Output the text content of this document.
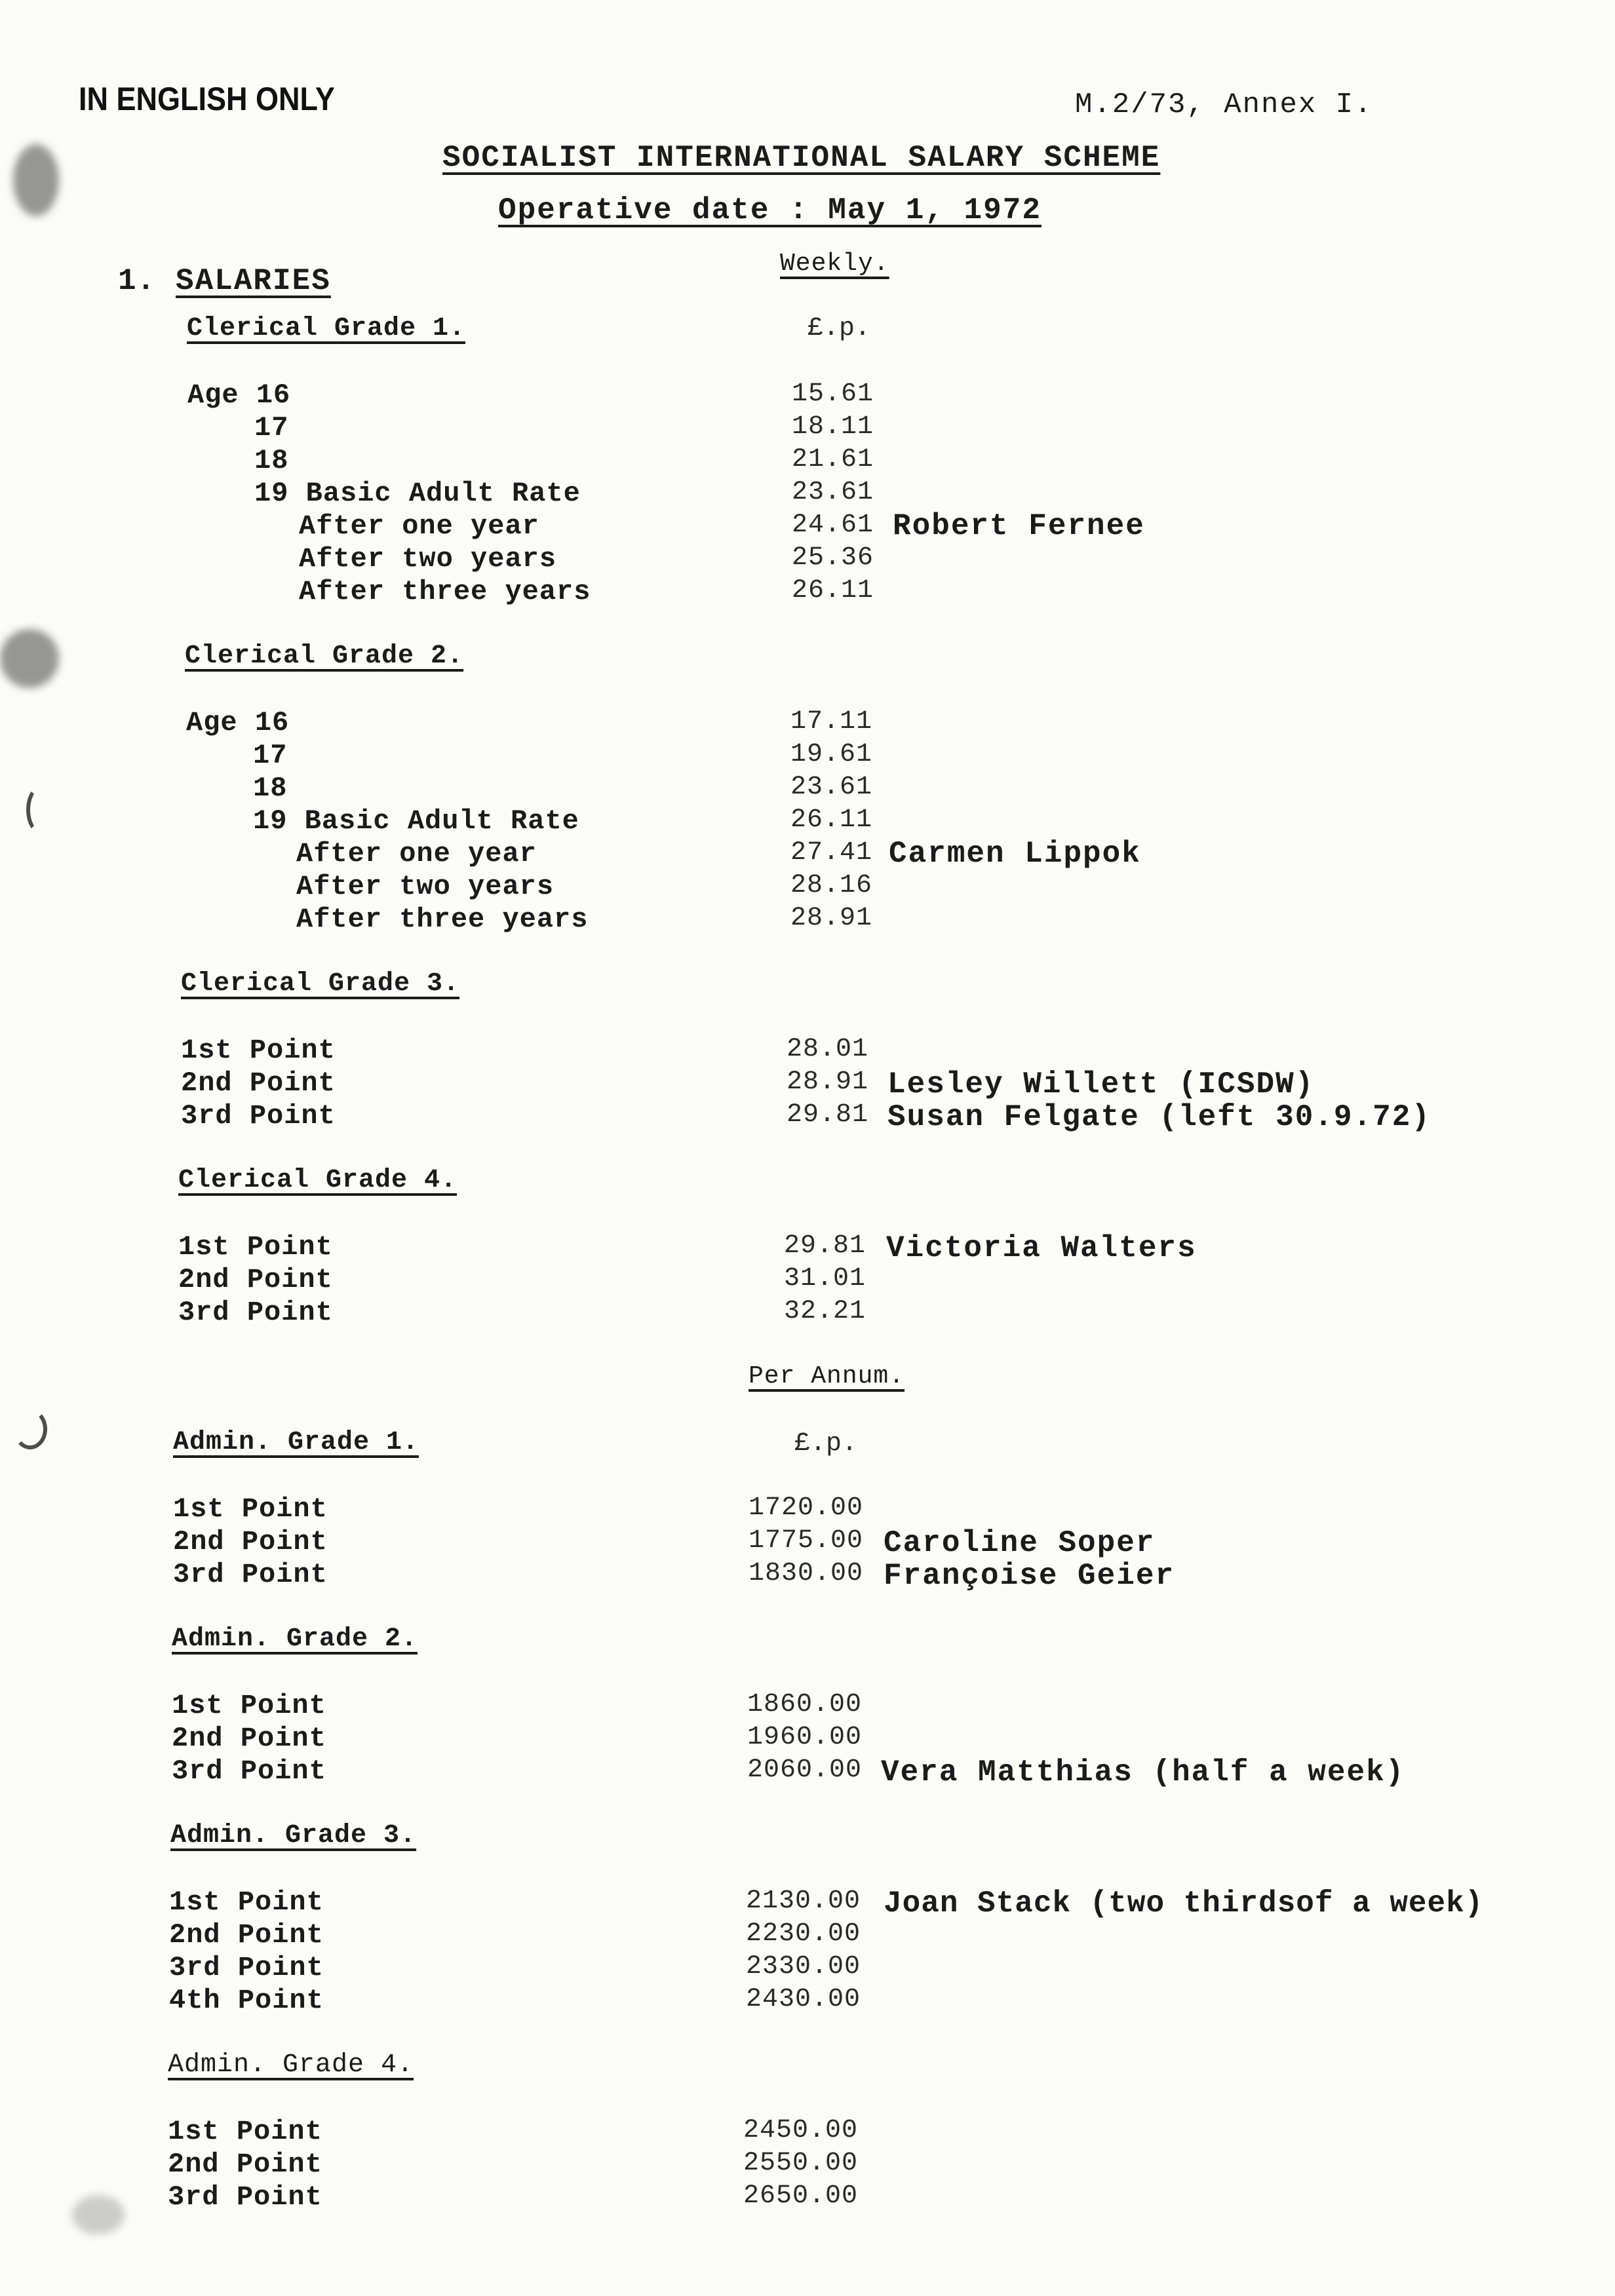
IN ENGLISH ONLY	M.2/73, Annex I.
SOCIALIST INTERNATIONAL SALARY SCHEME
Operative date : May 1, 1972
1. SALARIES
Weekly.
£.p.
Clerical Grade 1.
Age 16	15.61
17	18.11
18	21.61
19 Basic Adult Rate	23.61
After one year	24.61 Robert Fernee
After two years	25.36
After three years	26.11
Clerical Grade 2.
Age 16	17.11
17	19.61
18	23.61
19 Basic Adult Rate	26.11
After one year	27.41 Carmen Lippok
After two years	28.16
After three years	28.91
Clerical Grade 3.
1st Point	28.01
2nd Point	28.91 Lesley Willett (ICSDW)
3rd Point	29.81 Susan Felgate (left 30.9.72)
Clerical Grade 4.
1st Point	29.81 Victoria Walters
2nd Point	31.01
3rd Point	32.21
Per Annum.
£.p.
Admin. Grade 1.
1st Point	1720.00
2nd Point	1775.00 Caroline Soper
3rd Point	1830.00 Françoise Geier
Admin. Grade 2.
1st Point	1860.00
2nd Point	1960.00
3rd Point	2060.00 Vera Matthias (half a week)
Admin. Grade 3.
1st Point	2130.00 Joan Stack (two thirdsof a week)
2nd Point	2230.00
3rd Point	2330.00
4th Point	2430.00
Admin. Grade 4.
1st Point	2450.00
2nd Point	2550.00
3rd Point	2650.00
